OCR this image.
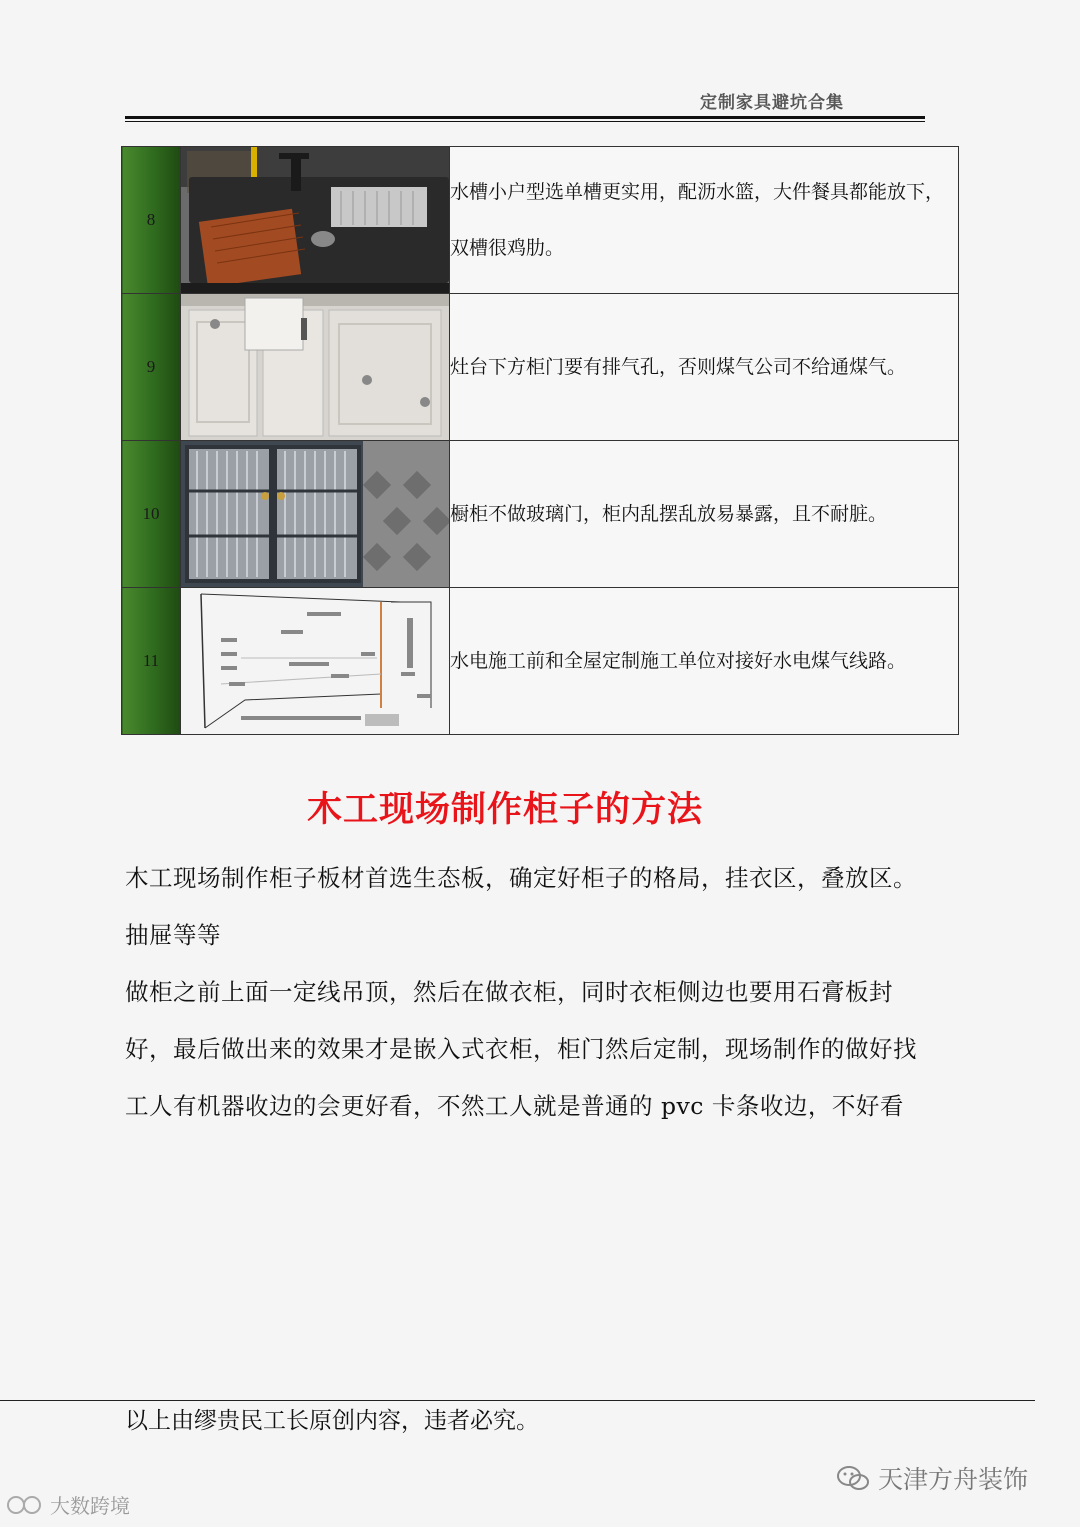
定制家具避坑合集
8		水槽小户型选单槽更实用，配沥水篮，大件餐具都能放下，双槽很鸡肋。
9		灶台下方柜门要有排气孔，否则煤气公司不给通煤气。
10		橱柜不做玻璃门，柜内乱摆乱放易暴露，且不耐脏。
11		水电施工前和全屋定制施工单位对接好水电煤气线路。
木工现场制作柜子的方法

木工现场制作柜子板材首选生态板，确定好柜子的格局，挂衣区，叠放区。抽屉等等

做柜之前上面一定线吊顶，然后在做衣柜，同时衣柜侧边也要用石膏板封好，最后做出来的效果才是嵌入式衣柜，柜门然后定制，现场制作的做好找工人有机器收边的会更好看，不然工人就是普通的 pvc 卡条收边，不好看

以上由缪贵民工长原创内容，违者必究。
天津方舟装饰
大数跨境
